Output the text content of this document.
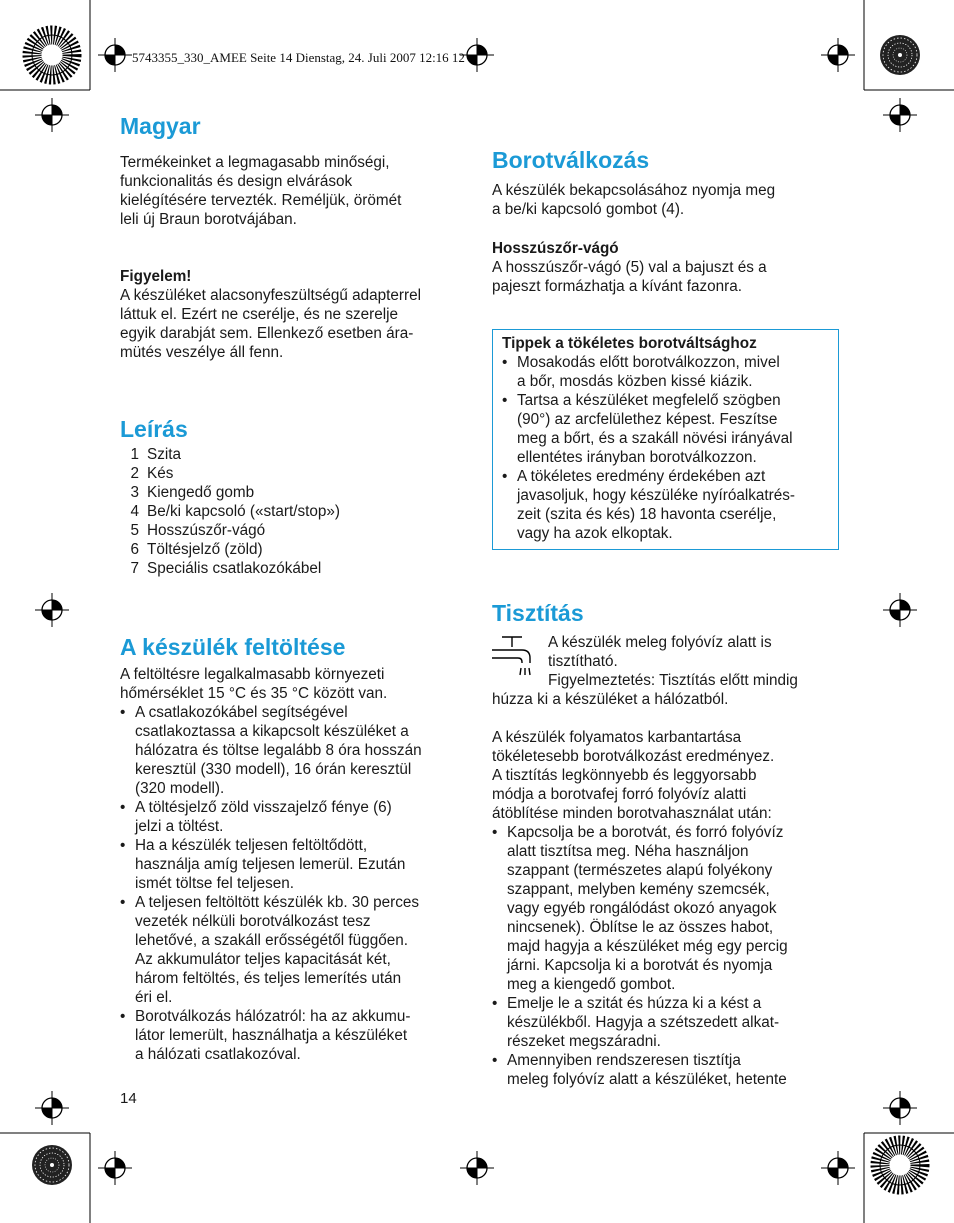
5743355_330_AMEE Seite 14 Dienstag, 24. Juli 2007 12:16 12
Magyar

Termékeinket a legmagasabb minőségi,
funkcionalitás és design elvárások
kielégítésére tervezték. Reméljük, örömét
leli új Braun borotvájában.

Figyelem!

A készüléket alacsonyfeszültségű adapterrel
láttuk el. Ezért ne cserélje, és ne szerelje
egyik darabját sem. Ellenkező esetben ára-
mütés veszélye áll fenn.

Leírás
1 Szita
2 Kés
3 Kiengedő gomb
4 Be/ki kapcsoló («start/stop»)
5 Hosszúszőr-vágó
6 Töltésjelző (zöld)
7 Speciális csatlakozókábel
A készülék feltöltése

A feltöltésre legalkalmasabb környezeti
hőmérséklet 15 °C és 35 °C között van.

• A csatlakozókábel segítségével
csatlakoztassa a kikapcsolt készüléket a
hálózatra és töltse legalább 8 óra hosszán
keresztül (330 modell), 16 órán keresztül
(320 modell).
• A töltésjelző zöld visszajelző fénye (6)
jelzi a töltést.
• Ha a készülék teljesen feltöltődött,
használja amíg teljesen lemerül. Ezután
ismét töltse fel teljesen.
• A teljesen feltöltött készülék kb. 30 perces
vezeték nélküli borotválkozást tesz
lehetővé, a szakáll erősségétől függően.
Az akkumulátor teljes kapacitását két,
három feltöltés, és teljes lemerítés után
éri el.
• Borotválkozás hálózatról: ha az akkumu-
látor lemerült, használhatja a készüléket
a hálózati csatlakozóval.
Borotválkozás

A készülék bekapcsolásához nyomja meg
a be/ki kapcsoló gombot (4).

Hosszúszőr-vágó

A hosszúszőr-vágó (5) val a bajuszt és a
pajeszt formázhatja a kívánt fazonra.

Tippek a tökéletes borotváltsághoz
• Mosakodás előtt borotválkozzon, mivel
a bőr, mosdás közben kissé kiázik.
• Tartsa a készüléket megfelelő szögben
(90°) az arcfelülethez képest. Feszítse
meg a bőrt, és a szakáll növési irányával
ellentétes irányban borotválkozzon.
• A tökéletes eredmény érdekében azt
javasoljuk, hogy készüléke nyíróalkatrés-
zeit (szita és kés) 18 havonta cserélje,
vagy ha azok elkoptak.
Tisztítás
A készülék meleg folyóvíz alatt is
tisztítható.
Figyelmeztetés: Tisztítás előtt mindig
húzza ki a készüléket a hálózatból.

A készülék folyamatos karbantartása
tökéletesebb borotválkozást eredményez.
A tisztítás legkönnyebb és leggyorsabb
módja a borotvafej forró folyóvíz alatti
átöblítése minden borotvahasználat után:

• Kapcsolja be a borotvát, és forró folyóvíz
alatt tisztítsa meg. Néha használjon
szappant (természetes alapú folyékony
szappant, melyben kemény szemcsék,
vagy egyéb rongálódást okozó anyagok
nincsenek). Öblítse le az összes habot,
majd hagyja a készüléket még egy percig
járni. Kapcsolja ki a borotvát és nyomja
meg a kiengedő gombot.
• Emelje le a szitát és húzza ki a kést a
készülékből. Hagyja a szétszedett alkat-
részeket megszáradni.
• Amennyiben rendszeresen tisztítja
meleg folyóvíz alatt a készüléket, hetente
14
